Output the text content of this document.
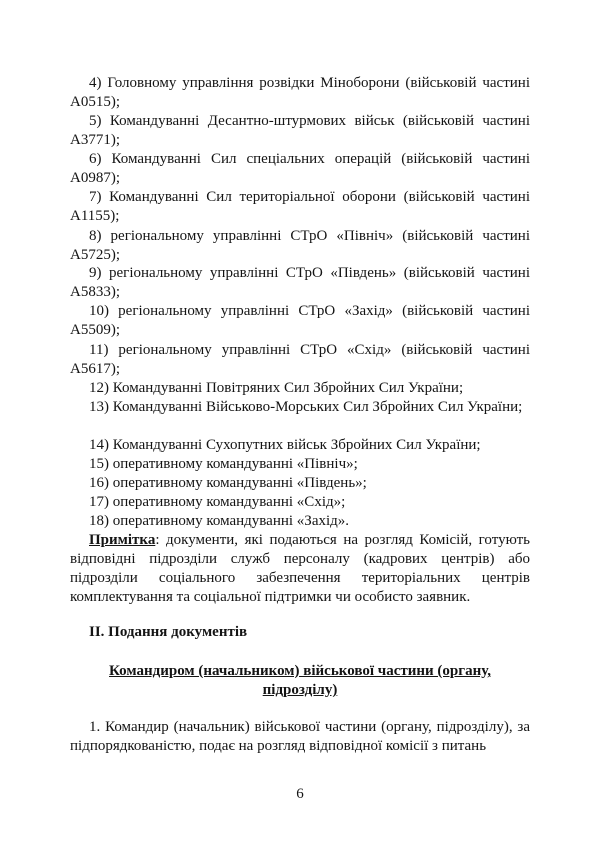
4) Головному управління розвідки Міноборони (військовій частині А0515);

5) Командуванні Десантно-штурмових військ (військовій частині А3771);

6) Командуванні Сил спеціальних операцій (військовій частині А0987);

7) Командуванні Сил територіальної оборони (військовій частині А1155);

8) регіональному управлінні СТрО «Північ» (військовій частині А5725);

9) регіональному управлінні СТрО «Південь» (військовій частині А5833);

10) регіональному управлінні СТрО «Захід» (військовій частині А5509);

11) регіональному управлінні СТрО «Схід» (військовій частині А5617);

12) Командуванні Повітряних Сил Збройних Сил України;

13) Командуванні Військово-Морських Сил Збройних Сил України;

14) Командуванні Сухопутних військ Збройних Сил України;

15) оперативному командуванні «Північ»;

16) оперативному командуванні «Південь»;

17) оперативному командуванні «Схід»;

18) оперативному командуванні «Захід».

Примітка: документи, які подаються на розгляд Комісій, готують відповідні підрозділи служб персоналу (кадрових центрів) або підрозділи соціального забезпечення територіальних центрів комплектування та соціальної підтримки чи особисто заявник.

ІІ. Подання документів

Командиром (начальником) військової частини (органу, підрозділу)

1. Командир (начальник) військової частини (органу, підрозділу), за підпорядкованістю, подає на розгляд відповідної комісії з питань

6
